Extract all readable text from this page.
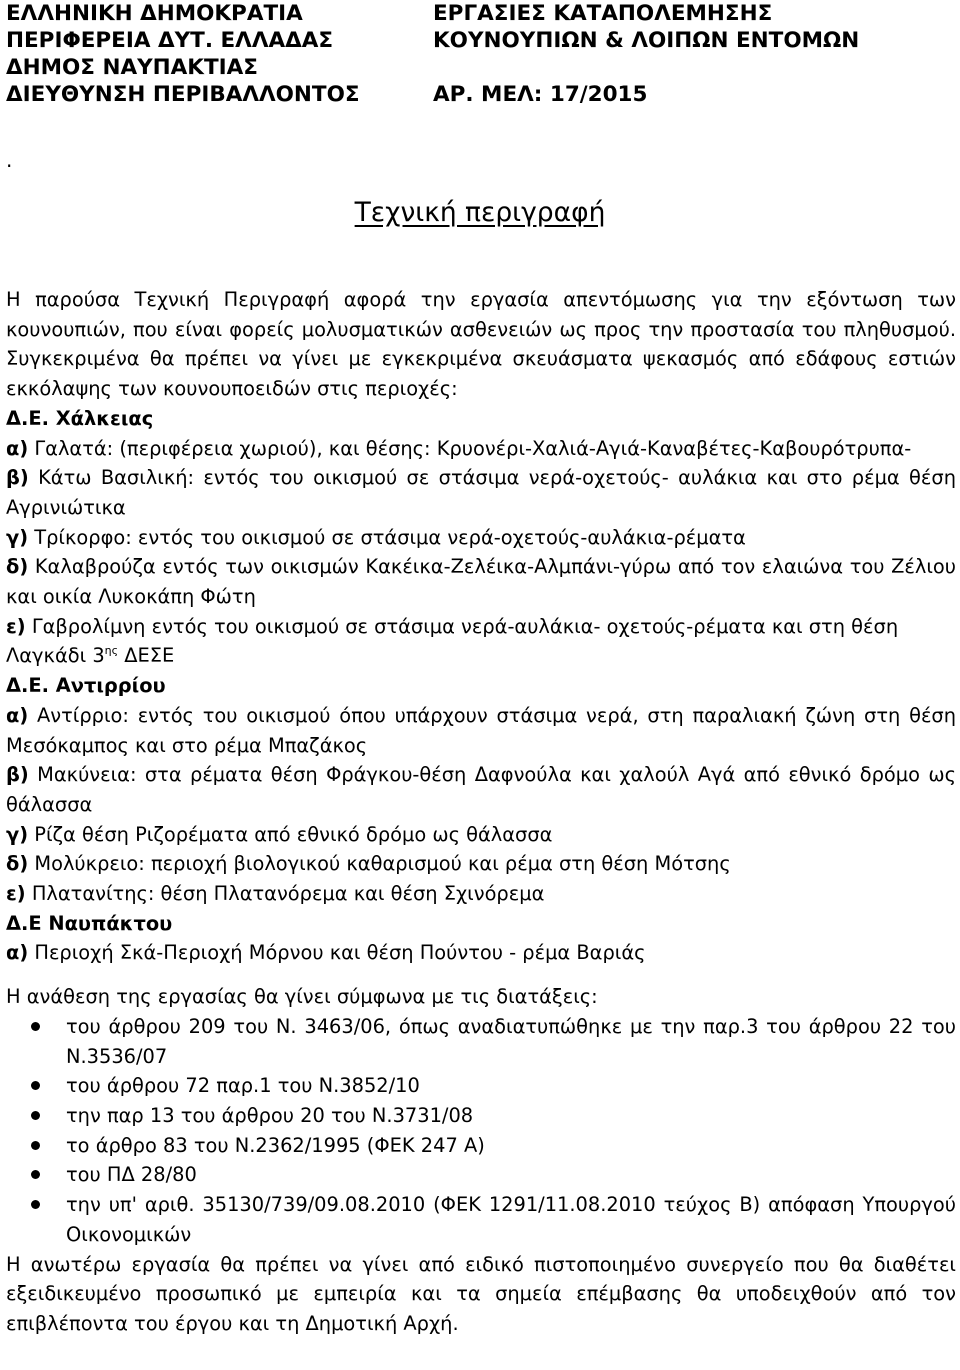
ΕΛΛΗΝΙΚΗ ΔΗΜΟΚΡΑΤΙΑ
ΠΕΡΙΦΕΡΕΙΑ ΔΥΤ. ΕΛΛΑΔΑΣ
ΔΗΜΟΣ ΝΑΥΠΑΚΤΙΑΣ
ΔΙΕΥΘΥΝΣΗ ΠΕΡΙΒΑΛΛΟΝΤΟΣ
ΕΡΓΑΣΙΕΣ ΚΑΤΑΠΟΛΕΜΗΣΗΣ
ΚΟΥΝΟΥΠΙΩΝ & ΛΟΙΠΩΝ ΕΝΤΟΜΩΝ

ΑΡ. ΜΕΛ: 17/2015
.
Τεχνική περιγραφή

Η παρούσα Τεχνική Περιγραφή αφορά την εργασία απεντόμωσης για την εξόντωση των κουνουπιών, που είναι φορείς μολυσματικών ασθενειών ως προς την προστασία του πληθυσμού. Συγκεκριμένα θα πρέπει να γίνει με εγκεκριμένα σκευάσματα ψεκασμός από εδάφους εστιών εκκόλαψης των κουνουποειδών στις περιοχές:

Δ.Ε. Χάλκειας

α) Γαλατά: (περιφέρεια χωριού), και θέσης: Κρυονέρι-Χαλιά-Αγιά-Καναβέτες-Καβουρότρυπα-

β) Κάτω Βασιλική: εντός του οικισμού σε στάσιμα νερά-οχετούς- αυλάκια και στο ρέμα θέση Αγρινιώτικα

γ) Τρίκορφο: εντός του οικισμού σε στάσιμα νερά-οχετούς-αυλάκια-ρέματα

δ) Καλαβρούζα εντός των οικισμών Κακέικα-Ζελέικα-Αλμπάνι-γύρω από τον ελαιώνα του Ζέλιου και οικία Λυκοκάπη Φώτη

ε) Γαβρολίμνη εντός του οικισμού σε στάσιμα νερά-αυλάκια- οχετούς-ρέματα και στη θέση Λαγκάδι $3^{\eta\varsigma}$ ΔΕΣΕ

Δ.Ε. Αντιρρίου

α) Αντίρριο: εντός του οικισμού όπου υπάρχουν στάσιμα νερά, στη παραλιακή ζώνη στη θέση Μεσόκαμπος και στο ρέμα Μπαζάκος

β) Μακύνεια: στα ρέματα θέση Φράγκου-θέση Δαφνούλα και χαλούλ Αγά από εθνικό δρόμο ως θάλασσα

γ) Ρίζα θέση Ριζορέματα από εθνικό δρόμο ως θάλασσα

δ) Μολύκρειο: περιοχή βιολογικού καθαρισμού και ρέμα στη θέση Μότσης

ε) Πλατανίτης: θέση Πλατανόρεμα και θέση Σχινόρεμα

Δ.Ε Ναυπάκτου

α) Περιοχή Σκά-Περιοχή Μόρνου και θέση Πούντου - ρέμα Βαριάς

Η ανάθεση της εργασίας θα γίνει σύμφωνα με τις διατάξεις:

του άρθρου 209 του Ν. 3463/06, όπως αναδιατυπώθηκε με την παρ.3 του άρθρου 22 του Ν.3536/07
του άρθρου 72 παρ.1 του Ν.3852/10
την παρ 13 του άρθρου 20 του Ν.3731/08
το άρθρο 83 του Ν.2362/1995 (ΦΕΚ 247 Α)
του ΠΔ 28/80
την υπ' αριθ. 35130/739/09.08.2010 (ΦΕΚ 1291/11.08.2010 τεύχος Β) απόφαση Υπουργού Οικονομικών

Η ανωτέρω εργασία θα πρέπει να γίνει από ειδικό πιστοποιημένο συνεργείο που θα διαθέτει εξειδικευμένο προσωπικό με εμπειρία και τα σημεία επέμβασης θα υποδειχθούν από τον επιβλέποντα του έργου και τη Δημοτική Αρχή.
